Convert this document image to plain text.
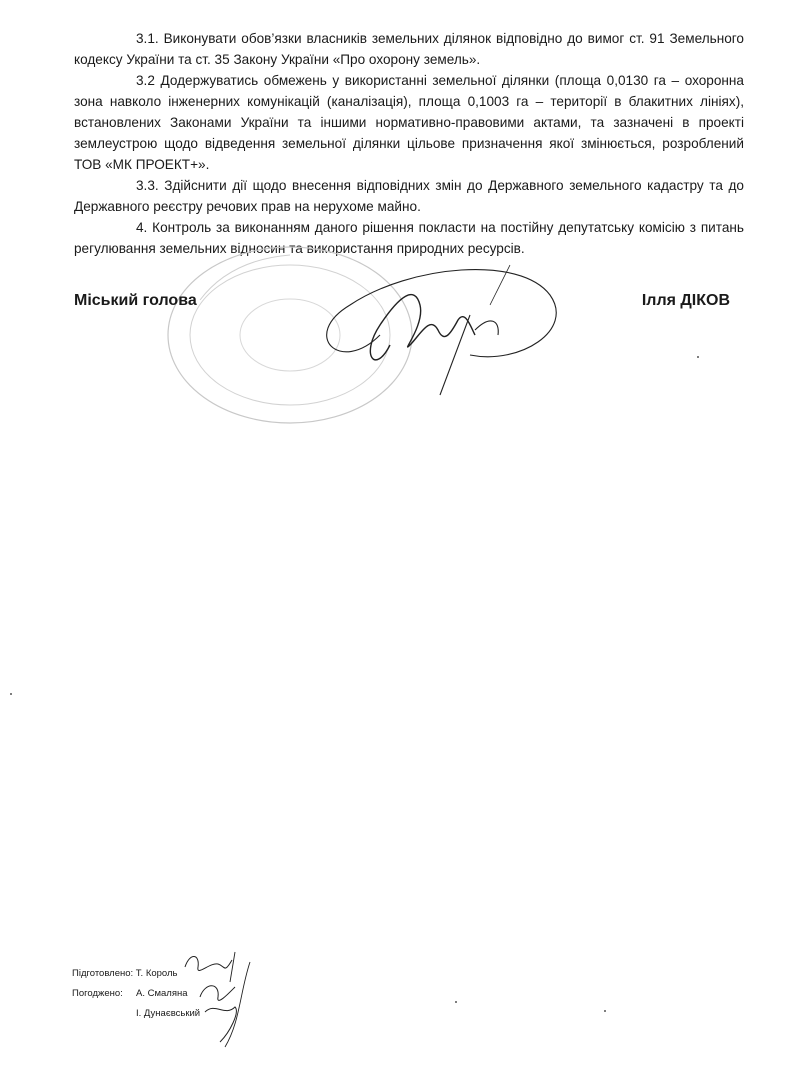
3.1. Виконувати обов’язки власників земельних ділянок відповідно до вимог ст. 91 Земельного кодексу України та ст. 35 Закону України «Про охорону земель».

3.2 Додержуватись обмежень у використанні земельної ділянки (площа 0,0130 га – охоронна зона навколо інженерних комунікацій (каналізація), площа 0,1003 га – території в блакитних лініях), встановлених Законами України та іншими нормативно-правовими актами, та зазначені в проекті землеустрою щодо відведення земельної ділянки цільове призначення якої змінюється, розроблений ТОВ «МК ПРОЕКТ+».

3.3. Здійснити дії щодо внесення відповідних змін до Державного земельного кадастру та до Державного реєстру речових прав на нерухоме майно.

4. Контроль за виконанням даного рішення покласти на постійну депутатську комісію з питань регулювання земельних відносин та використання природних ресурсів.

Міський голова	Ілля ДІКОВ
Підготовлено: Т. Король
Погоджено: А. Смаляна
І. Дунаєвський
